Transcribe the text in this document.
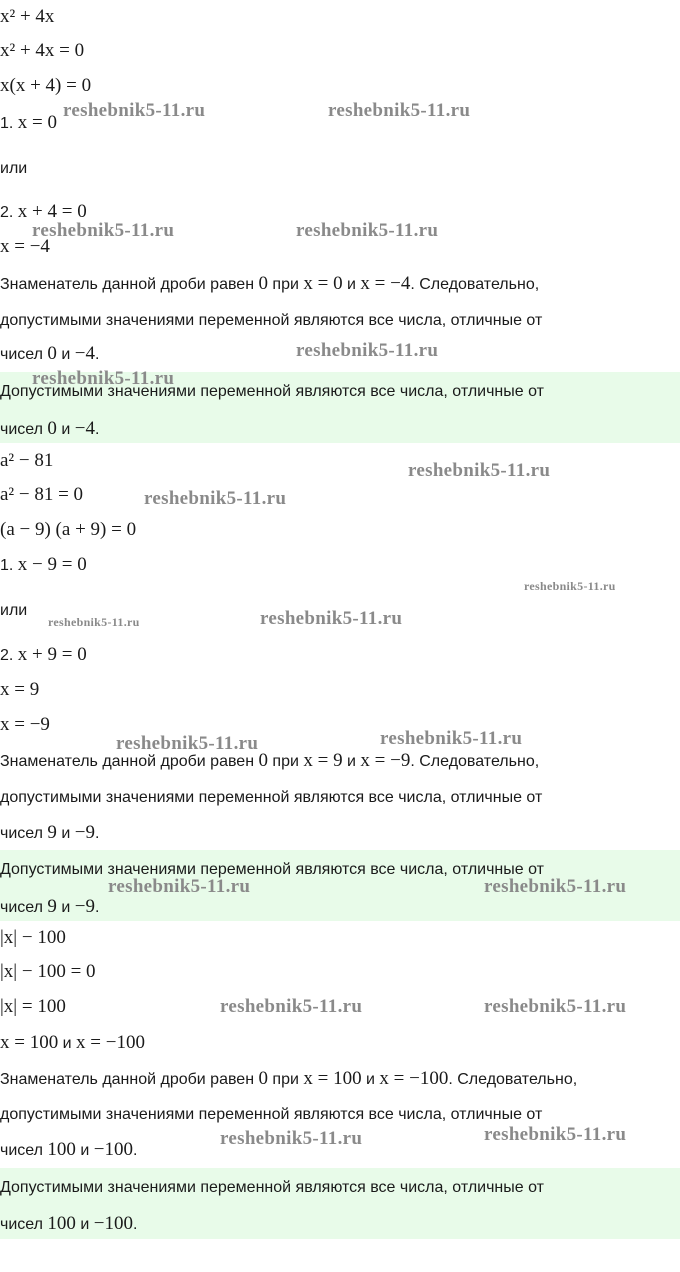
x² + 4x
x² + 4x = 0
x(x + 4) = 0
1. x = 0
или
2. x + 4 = 0
x = −4
Знаменатель данной дроби равен 0 при x = 0 и x = −4. Следовательно,
допустимыми значениями переменной являются все числа, отличные от
чисел 0 и −4.
Допустимыми значениями переменной являются все числа, отличные от
чисел 0 и −4.
a² − 81
a² − 81 = 0
(a − 9) (a + 9) = 0
1. x − 9 = 0
или
2. x + 9 = 0
x = 9
x = −9
Знаменатель данной дроби равен 0 при x = 9 и x = −9. Следовательно,
допустимыми значениями переменной являются все числа, отличные от
чисел 9 и −9.
Допустимыми значениями переменной являются все числа, отличные от
чисел 9 и −9.
|x| − 100
|x| − 100 = 0
|x| = 100
x = 100 и x = −100
Знаменатель данной дроби равен 0 при x = 100 и x = −100. Следовательно,
допустимыми значениями переменной являются все числа, отличные от
чисел 100 и −100.
Допустимыми значениями переменной являются все числа, отличные от
чисел 100 и −100.
reshebnik5-11.ru	reshebnik5-11.ru
reshebnik5-11.ru	reshebnik5-11.ru
reshebnik5-11.ru
reshebnik5-11.ru
reshebnik5-11.ru
reshebnik5-11.ru
reshebnik5-11.ru
reshebnik5-11.ru	reshebnik5-11.ru
reshebnik5-11.ru	reshebnik5-11.ru
reshebnik5-11.ru	reshebnik5-11.ru
reshebnik5-11.ru	reshebnik5-11.ru
reshebnik5-11.ru	reshebnik5-11.ru
